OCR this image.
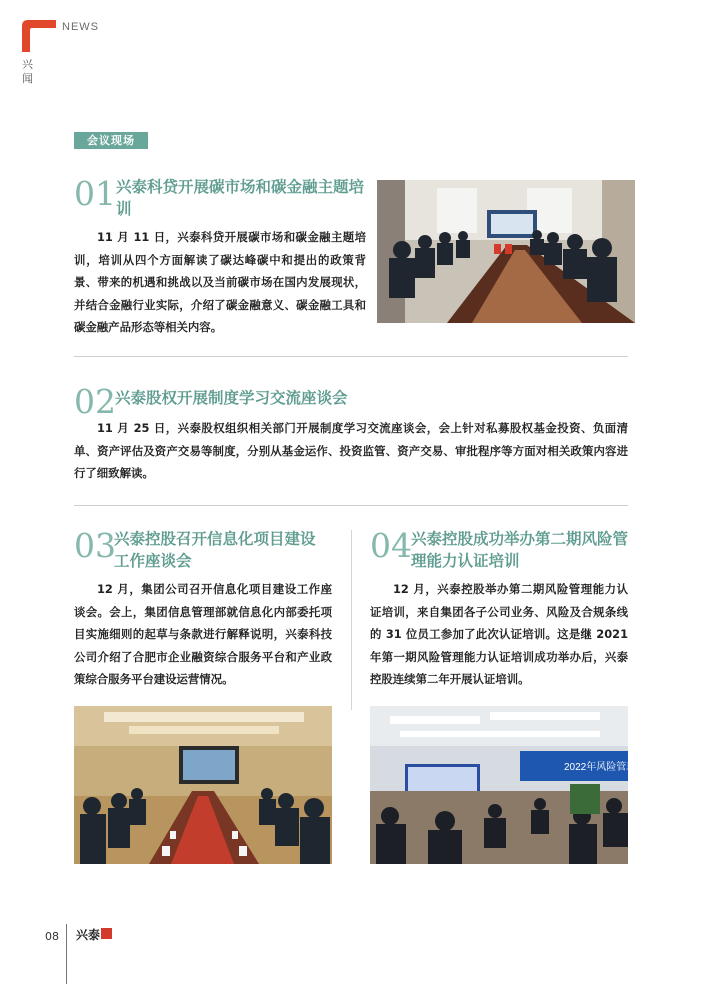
NEWS
兴
闻
会议现场
01 兴泰科贷开展碳市场和碳金融主题培训
11 月 11 日，兴泰科贷开展碳市场和碳金融主题培训，培训从四个方面解读了碳达峰碳中和提出的政策背景、带来的机遇和挑战以及当前碳市场在国内发展现状，并结合金融行业实际，介绍了碳金融意义、碳金融工具和碳金融产品形态等相关内容。
02 兴泰股权开展制度学习交流座谈会
11 月 25 日，兴泰股权组织相关部门开展制度学习交流座谈会，会上针对私募股权基金投资、负面清单、资产评估及资产交易等制度，分别从基金运作、投资监管、资产交易、审批程序等方面对相关政策内容进行了细致解读。
03
兴泰控股召开信息化项目建设工作座谈会
12 月，集团公司召开信息化项目建设工作座谈会。会上，集团信息管理部就信息化内部委托项目实施细则的起草与条款进行解释说明，兴泰科技公司介绍了合肥市企业融资综合服务平台和产业政策综合服务平台建设运营情况。
04 兴泰控股成功举办第二期风险管理能力认证培训
12 月，兴泰控股举办第二期风险管理能力认证培训，来自集团各子公司业务、风险及合规条线的 31 位员工参加了此次认证培训。这是继 2021 年第一期风险管理能力认证培训成功举办后，兴泰控股连续第二年开展认证培训。
2022年风险管理
08 兴泰
